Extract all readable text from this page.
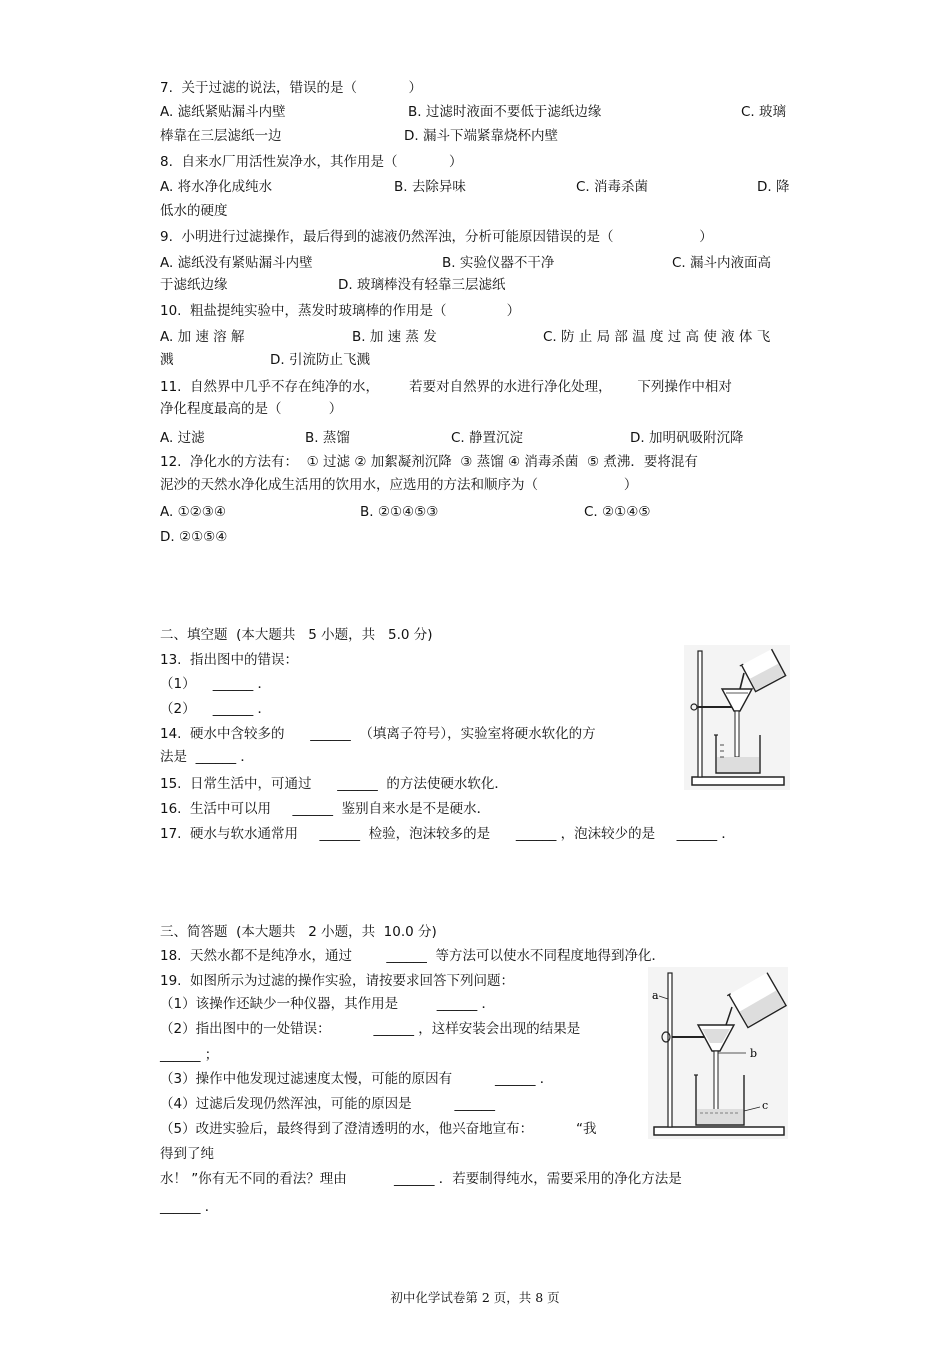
7.  关于过滤的说法，错误的是（            ）
A. 滤纸紧贴漏斗内壁	B. 过滤时液面不要低于滤纸边缘	C. 玻璃
棒靠在三层滤纸一边	D. 漏斗下端紧靠烧杯内壁
8.  自来水厂用活性炭净水，其作用是（            ）
A. 将水净化成纯水	B. 去除异味	C. 消毒杀菌	D. 降
低水的硬度
9.  小明进行过滤操作，最后得到的滤液仍然浑浊，分析可能原因错误的是（                    ）
A. 滤纸没有紧贴漏斗内壁	B. 实验仪器不干净	C. 漏斗内液面高
于滤纸边缘	D. 玻璃棒没有轻靠三层滤纸
10.  粗盐提纯实验中，蒸发时玻璃棒的作用是（              ）
A. 加 速 溶 解	B. 加 速 蒸 发	C. 防 止 局 部 温 度 过 高 使 液 体 飞
溅	D. 引流防止飞溅
11.  自然界中几乎不存在纯净的水，       若要对自然界的水进行净化处理，      下列操作中相对
净化程度最高的是（           ）
A. 过滤	B. 蒸馏	C. 静置沉淀	D. 加明矾吸附沉降
12.  净化水的方法有：  ① 过滤 ② 加絮凝剂沉降  ③ 蒸馏 ④ 消毒杀菌  ⑤ 煮沸．要将混有
泥沙的天然水净化成生活用的饮用水，应选用的方法和顺序为（                    ）
A. ①②③④	B. ②①④⑤③	C. ②①④⑤
D. ②①⑤④
二、填空题  (本大题共   5 小题，共   5.0 分)
13.  指出图中的错误：
（1）    ______ ．
（2）    ______ ．
14.  硬水中含较多的      ______  （填离子符号），实验室将硬水软化的方
法是  ______ ．
15.  日常生活中，可通过      ______  的方法使硬水软化．
16.  生活中可以用     ______  鉴别自来水是不是硬水．
17.  硬水与软水通常用     ______  检验，泡沫较多的是      ______ ，泡沫较少的是     ______ ．
三、简答题  (本大题共   2 小题，共  10.0 分)
18.  天然水都不是纯净水，通过        ______  等方法可以使水不同程度地得到净化．
19.  如图所示为过滤的操作实验，请按要求回答下列问题：
（1）该操作还缺少一种仪器，其作用是         ______ ．
（2）指出图中的一处错误：          ______ ，这样安装会出现的结果是
______ ；
（3）操作中他发现过滤速度太慢，可能的原因有          ______ ．
（4）过滤后发现仍然浑浊，可能的原因是          ______
（5）改进实验后，最终得到了澄清透明的水，他兴奋地宣布：          “我
得到了纯
水！ ”你有无不同的看法？理由           ______ ．若要制得纯水，需要采用的净化方法是
______ ．
a
b
c
初中化学试卷第 2 页，共 8 页
